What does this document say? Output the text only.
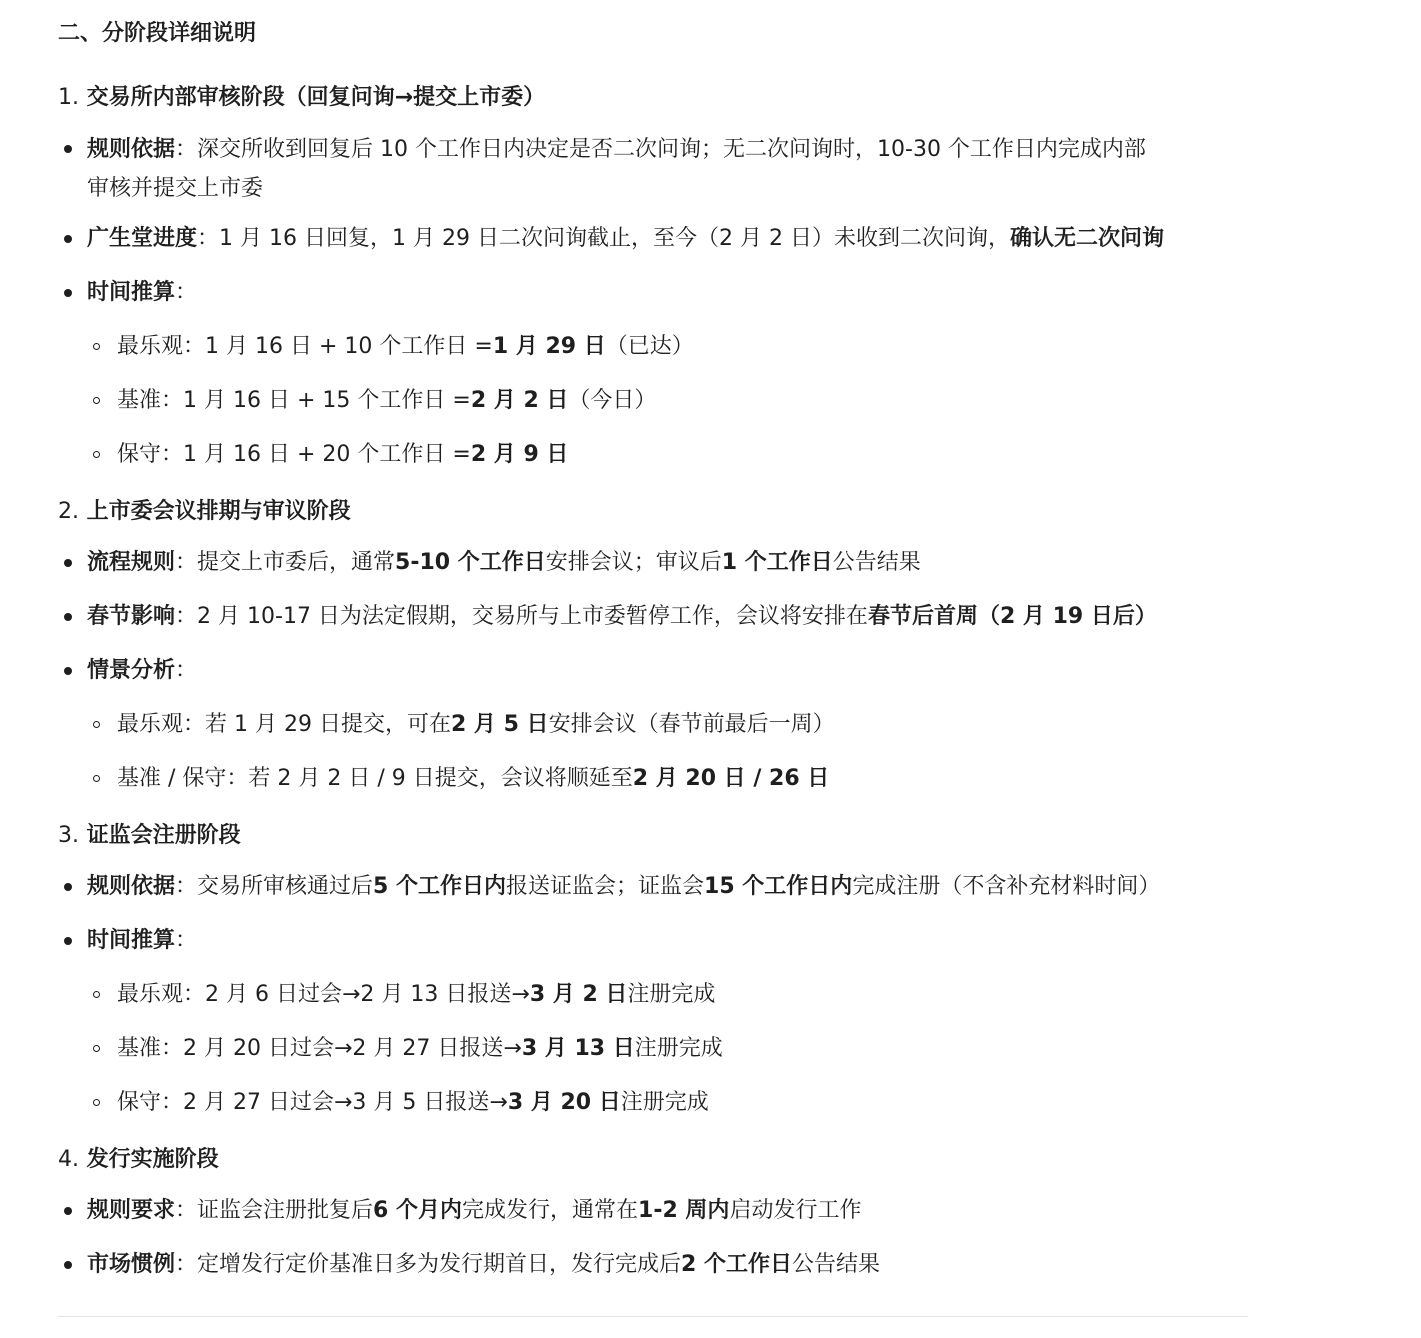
二、分阶段详细说明
1. 交易所内部审核阶段（回复问询→提交上市委）
规则依据：深交所收到回复后 10 个工作日内决定是否二次问询；无二次问询时，10-30 个工作日内完成内部
审核并提交上市委
广生堂进度：1 月 16 日回复，1 月 29 日二次问询截止，至今（2 月 2 日）未收到二次问询，确认无二次问询
时间推算：
最乐观：1 月 16 日 + 10 个工作日 =1 月 29 日（已达）
基准：1 月 16 日 + 15 个工作日 =2 月 2 日（今日）
保守：1 月 16 日 + 20 个工作日 =2 月 9 日
2. 上市委会议排期与审议阶段
流程规则：提交上市委后，通常5-10 个工作日安排会议；审议后1 个工作日公告结果
春节影响：2 月 10-17 日为法定假期，交易所与上市委暂停工作，会议将安排在春节后首周（2 月 19 日后）
情景分析：
最乐观：若 1 月 29 日提交，可在2 月 5 日安排会议（春节前最后一周）
基准 / 保守：若 2 月 2 日 / 9 日提交，会议将顺延至2 月 20 日 / 26 日
3. 证监会注册阶段
规则依据：交易所审核通过后5 个工作日内报送证监会；证监会15 个工作日内完成注册（不含补充材料时间）
时间推算：
最乐观：2 月 6 日过会→2 月 13 日报送→3 月 2 日注册完成
基准：2 月 20 日过会→2 月 27 日报送→3 月 13 日注册完成
保守：2 月 27 日过会→3 月 5 日报送→3 月 20 日注册完成
4. 发行实施阶段
规则要求：证监会注册批复后6 个月内完成发行，通常在1-2 周内启动发行工作
市场惯例：定增发行定价基准日多为发行期首日，发行完成后2 个工作日公告结果
